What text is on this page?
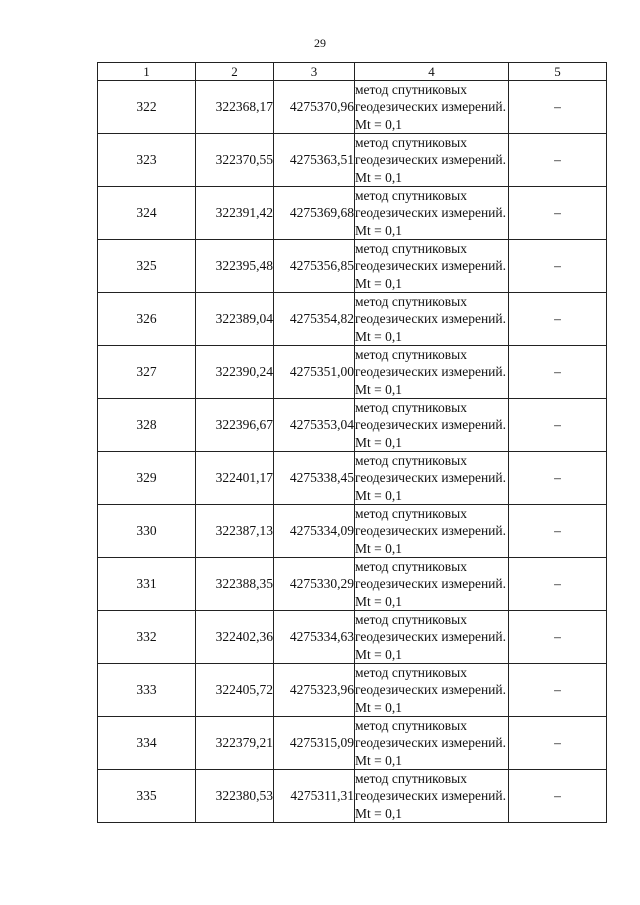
29
1	2	3	4	5
322	322368,17	4275370,96	метод спутниковых геодезических измерений. Mt = 0,1	–
323	322370,55	4275363,51	метод спутниковых геодезических измерений. Mt = 0,1	–
324	322391,42	4275369,68	метод спутниковых геодезических измерений. Mt = 0,1	–
325	322395,48	4275356,85	метод спутниковых геодезических измерений. Mt = 0,1	–
326	322389,04	4275354,82	метод спутниковых геодезических измерений. Mt = 0,1	–
327	322390,24	4275351,00	метод спутниковых геодезических измерений. Mt = 0,1	–
328	322396,67	4275353,04	метод спутниковых геодезических измерений. Mt = 0,1	–
329	322401,17	4275338,45	метод спутниковых геодезических измерений. Mt = 0,1	–
330	322387,13	4275334,09	метод спутниковых геодезических измерений. Mt = 0,1	–
331	322388,35	4275330,29	метод спутниковых геодезических измерений. Mt = 0,1	–
332	322402,36	4275334,63	метод спутниковых геодезических измерений. Mt = 0,1	–
333	322405,72	4275323,96	метод спутниковых геодезических измерений. Mt = 0,1	–
334	322379,21	4275315,09	метод спутниковых геодезических измерений. Mt = 0,1	–
335	322380,53	4275311,31	метод спутниковых геодезических измерений. Mt = 0,1	–
